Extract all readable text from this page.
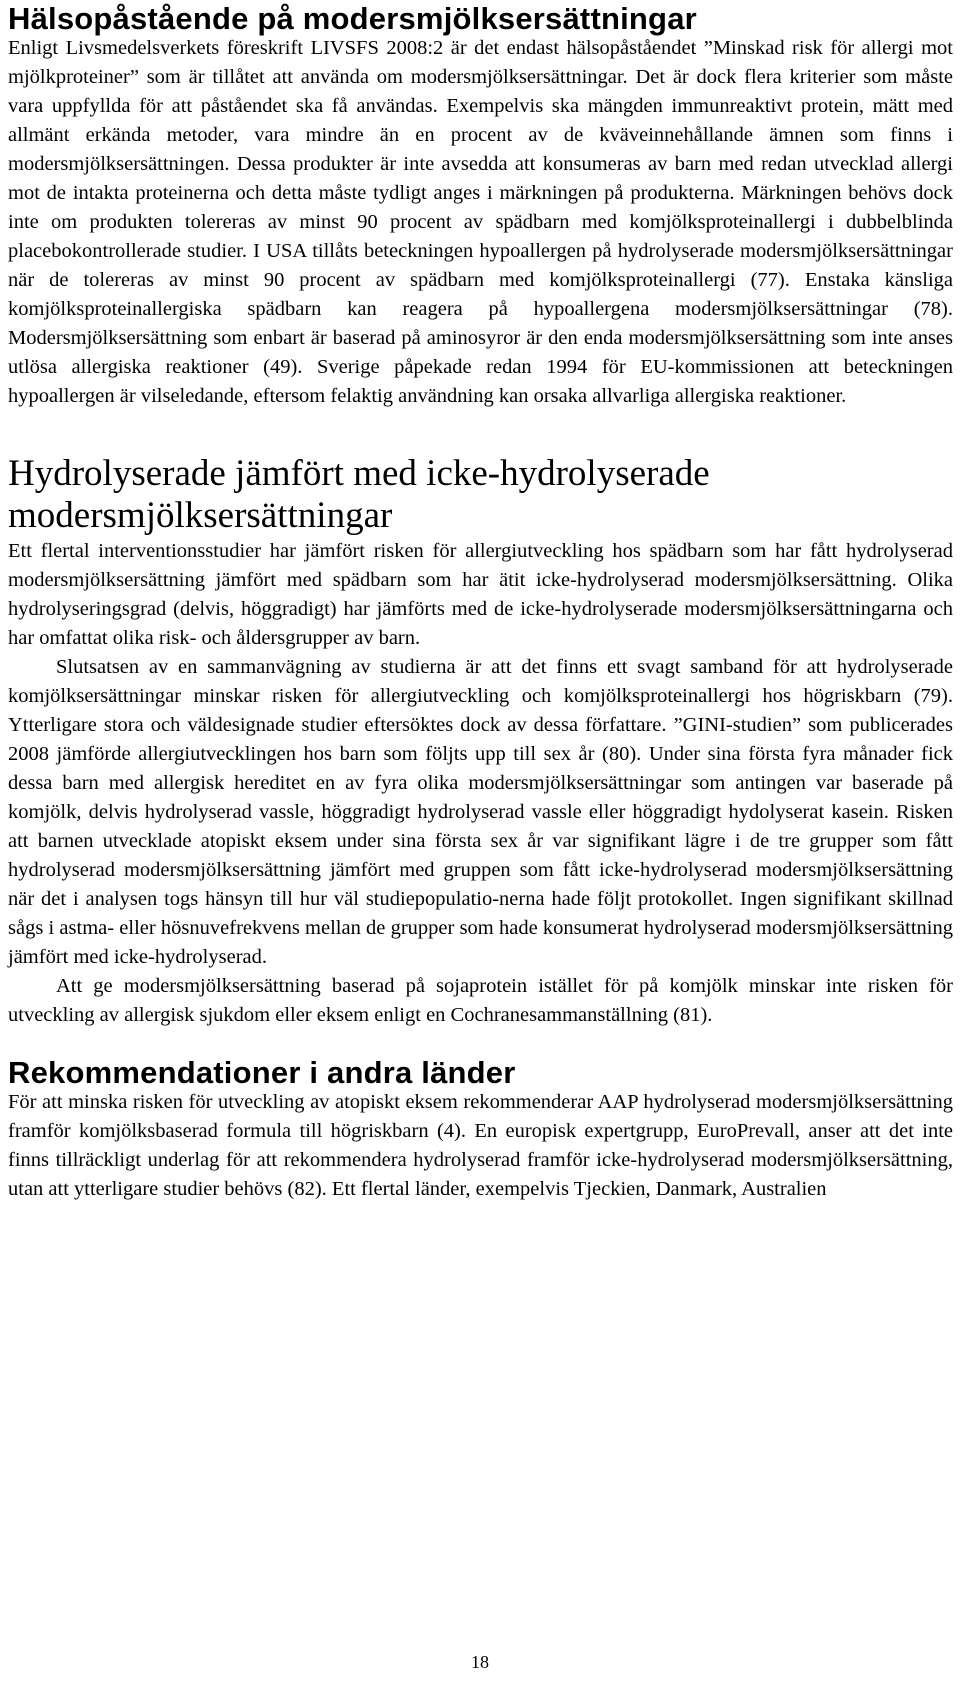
Hälsopåstående på modersmjölksersättningar

Enligt Livsmedelsverkets föreskrift LIVSFS 2008:2 är det endast hälsopåståendet ”Minskad risk för allergi mot mjölkproteiner” som är tillåtet att använda om modersmjölksersättningar. Det är dock flera kriterier som måste vara uppfyllda för att påståendet ska få användas. Exempelvis ska mängden immunreaktivt protein, mätt med allmänt erkända metoder, vara mindre än en procent av de kväveinnehållande ämnen som finns i modersmjölksersättningen. Dessa produkter är inte avsedda att konsumeras av barn med redan utvecklad allergi mot de intakta proteinerna och detta måste tydligt anges i märkningen på produkterna. Märkningen behövs dock inte om produkten tolereras av minst 90 procent av spädbarn med komjölksproteinallergi i dubbelblinda placebokontrollerade studier. I USA tillåts beteckningen hypoallergen på hydrolyserade modersmjölksersättningar när de tolereras av minst 90 procent av spädbarn med komjölksproteinallergi (77). Enstaka känsliga komjölksproteinallergiska spädbarn kan reagera på hypoallergena modersmjölksersättningar (78). Modersmjölksersättning som enbart är baserad på aminosyror är den enda modersmjölksersättning som inte anses utlösa allergiska reaktioner (49). Sverige påpekade redan 1994 för EU-kommissionen att beteckningen hypoallergen är vilseledande, eftersom felaktig användning kan orsaka allvarliga allergiska reaktioner.

Hydrolyserade jämfört med icke-hydrolyserade modersmjölksersättningar

Ett flertal interventionsstudier har jämfört risken för allergiutveckling hos spädbarn som har fått hydrolyserad modersmjölksersättning jämfört med spädbarn som har ätit icke-hydrolyserad modersmjölksersättning. Olika hydrolyseringsgrad (delvis, höggradigt) har jämförts med de icke-hydrolyserade modersmjölksersättningarna och har omfattat olika risk- och åldersgrupper av barn.

Slutsatsen av en sammanvägning av studierna är att det finns ett svagt samband för att hydrolyserade komjölksersättningar minskar risken för allergiutveckling och komjölksproteinallergi hos högriskbarn (79). Ytterligare stora och väldesignade studier eftersöktes dock av dessa författare. ”GINI-studien” som publicerades 2008 jämförde allergiutvecklingen hos barn som följts upp till sex år (80). Under sina första fyra månader fick dessa barn med allergisk hereditet en av fyra olika modersmjölksersättningar som antingen var baserade på komjölk, delvis hydrolyserad vassle, höggradigt hydrolyserad vassle eller höggradigt hydolyserat kasein. Risken att barnen utvecklade atopiskt eksem under sina första sex år var signifikant lägre i de tre grupper som fått hydrolyserad modersmjölksersättning jämfört med gruppen som fått icke-hydrolyserad modersmjölksersättning när det i analysen togs hänsyn till hur väl studiepopulatio-nerna hade följt protokollet. Ingen signifikant skillnad sågs i astma- eller hösnuvefrekvens mellan de grupper som hade konsumerat hydrolyserad modersmjölksersättning jämfört med icke-hydrolyserad.

Att ge modersmjölksersättning baserad på sojaprotein istället för på komjölk minskar inte risken för utveckling av allergisk sjukdom eller eksem enligt en Cochranesammanställning (81).

Rekommendationer i andra länder

För att minska risken för utveckling av atopiskt eksem rekommenderar AAP hydrolyserad modersmjölksersättning framför komjölksbaserad formula till högriskbarn (4). En europisk expertgrupp, EuroPrevall, anser att det inte finns tillräckligt underlag för att rekommendera hydrolyserad framför icke-hydrolyserad modersmjölksersättning, utan att ytterligare studier behövs (82). Ett flertal länder, exempelvis Tjeckien, Danmark, Australien

18
